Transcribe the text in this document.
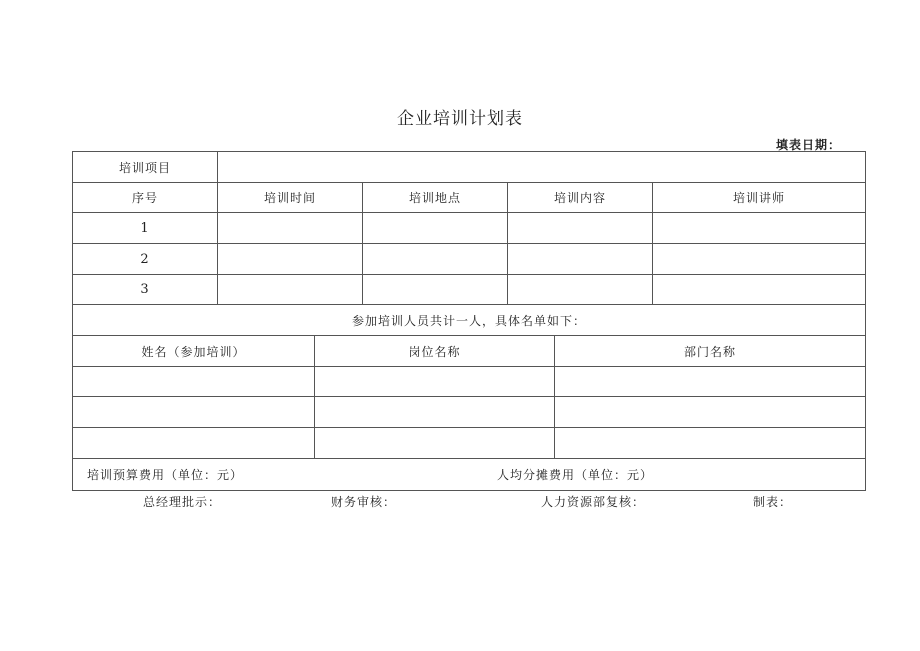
企业培训计划表
填表日期：
培训项目
序号	培训时间	培训地点	培训内容	培训讲师
1
2
3
参加培训人员共计一人，具体名单如下：
姓名（参加培训）	岗位名称	部门名称
培训预算费用（单位：元）	人均分摊费用（单位：元）
总经理批示：	财务审核：	人力资源部复核：	制表：
